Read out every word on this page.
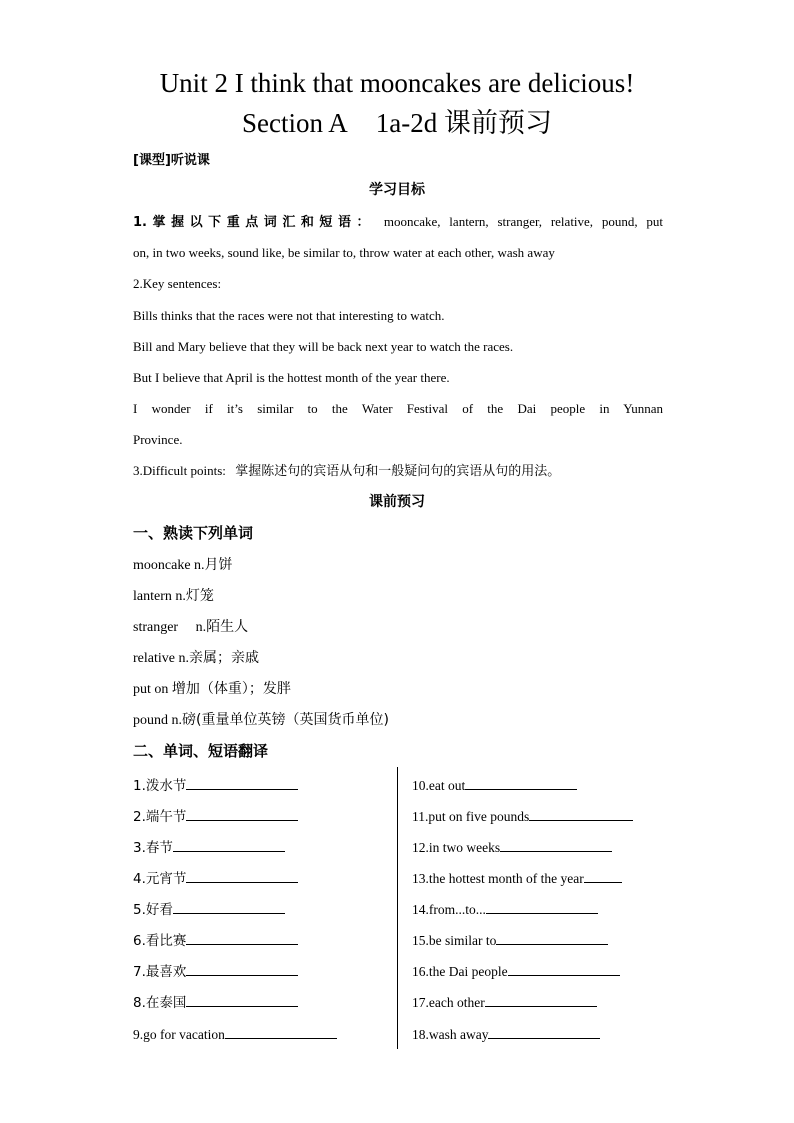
Unit 2 I think that mooncakes are delicious!
Section A 1a-2d 课前预习
[课型]听说课
学习目标
1.掌握以下重点词汇和短语： mooncake, lantern, stranger, relative, pound, put
on, in two weeks, sound like, be similar to, throw water at each other, wash away
2.Key sentences:
Bills thinks that the races were not that interesting to watch.
Bill and Mary believe that they will be back next year to watch the races.
But I believe that April is the hottest month of the year there.
I wonder if it’s similar to the Water Festival of the Dai people in Yunnan
Province.
3.Difficult points: 掌握陈述句的宾语从句和一般疑问句的宾语从句的用法。
课前预习
一、熟读下列单词
mooncake n.月饼
lantern n.灯笼
stranger n.陌生人
relative n.亲属；亲戚
put on 增加（体重）；发胖
pound n.磅(重量单位英镑（英国货币单位)
二、单词、短语翻译
1.泼水节
2.端午节
3.春节
4.元宵节
5.好看
6.看比赛
7.最喜欢
8.在泰国
9.go for vacation
10.eat out
11.put on five pounds
12.in two weeks
13.the hottest month of the year
14.from...to...
15.be similar to
16.the Dai people
17.each other
18.wash away
